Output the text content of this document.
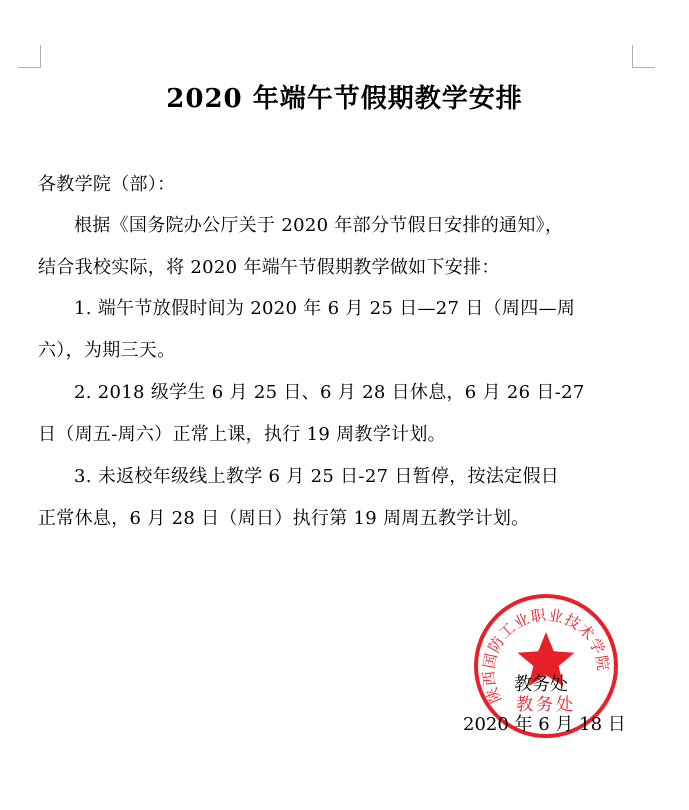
2020 年端午节假期教学安排
各教学院（部）：
根据《国务院办公厅关于 2020 年部分节假日安排的通知》，
结合我校实际，将 2020 年端午节假期教学做如下安排：
1. 端午节放假时间为 2020 年 6 月 25 日—27 日（周四—周
六），为期三天。
2. 2018 级学生 6 月 25 日、6 月 28 日休息，6 月 26 日-27
日（周五-周六）正常上课，执行 19 周教学计划。
3. 未返校年级线上教学 6 月 25 日-27 日暂停，按法定假日
正常休息，6 月 28 日（周日）执行第 19 周周五教学计划。
陕西国防工业职业技术学院
教务处
教务处
2020 年 6 月 18 日
